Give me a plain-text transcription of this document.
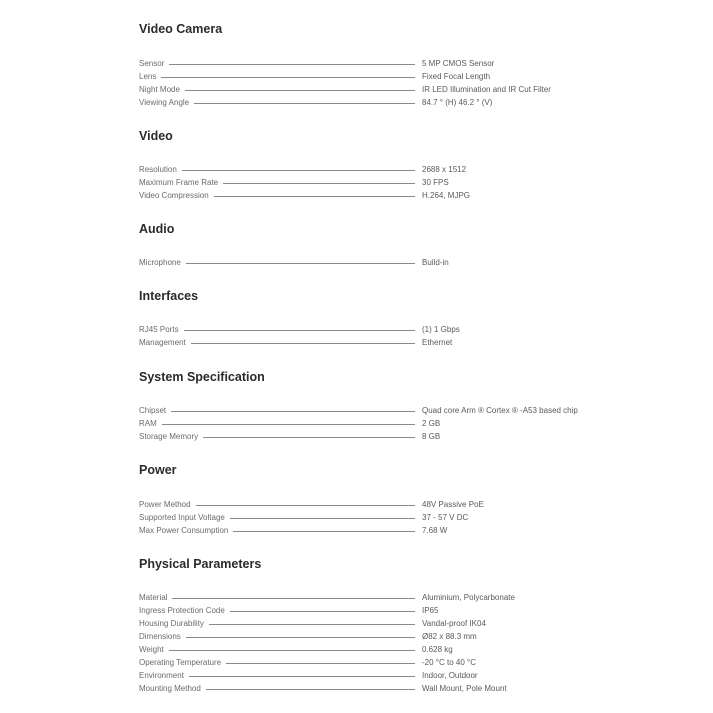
Video Camera
Sensor	5 MP CMOS Sensor
Lens	Fixed Focal Length
Night Mode	IR LED Illumination and IR Cut Filter
Viewing Angle	84.7 ° (H) 46.2 ° (V)
Video
Resolution	2688 x 1512
Maximum Frame Rate	30 FPS
Video Compression	H.264, MJPG
Audio
Microphone	Build-in
Interfaces
RJ45 Ports	(1) 1 Gbps
Management	Ethernet
System Specification
Chipset	Quad core Arm ® Cortex ® -A53 based chip
RAM	2 GB
Storage Memory	8 GB
Power
Power Method	48V Passive PoE
Supported Input Voltage	37 - 57 V DC
Max Power Consumption	7.68 W
Physical Parameters
Material	Aluminium, Polycarbonate
Ingress Protection Code	IP65
Housing Durability	Vandal-proof IK04
Dimensions	Ø82 x 88.3 mm
Weight	0.628 kg
Operating Temperature	-20 °C to 40 °C
Environment	Indoor, Outdoor
Mounting Method	Wall Mount, Pole Mount
